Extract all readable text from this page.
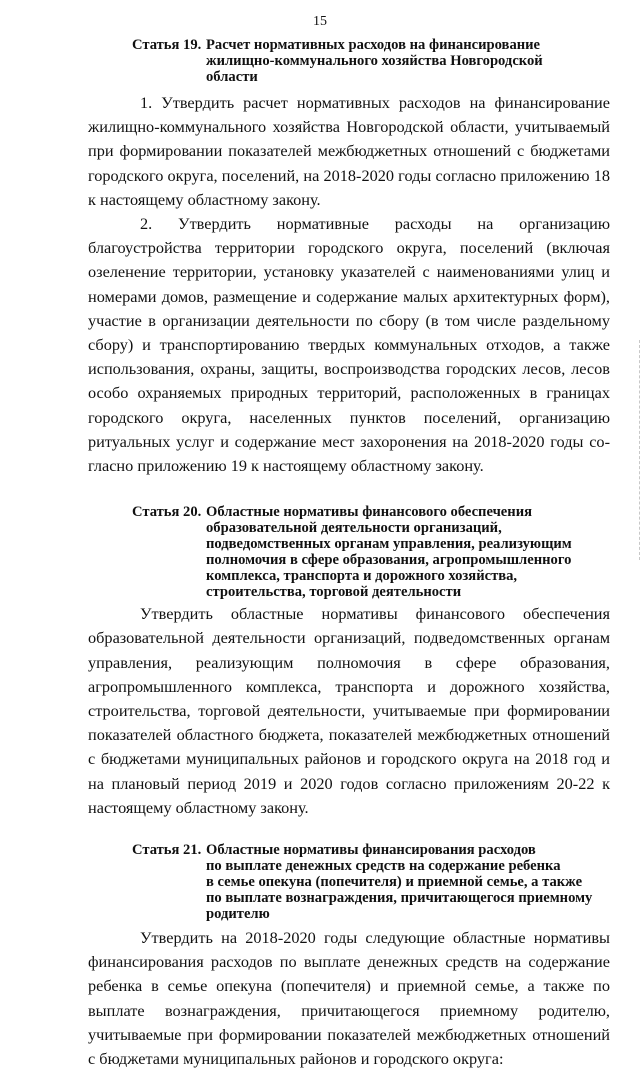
15
Статья 19. Расчет нормативных расходов на финансирование
жилищно-коммунального хозяйства Новгородской
области

1. Утвердить расчет нормативных расходов на финансирование жилищно-коммунального хозяйства Новгородской области, учитываемый при формировании показателей межбюджетных отношений с бюджетами городского округа, поселений, на 2018-2020 годы согласно приложению 18 к настоящему областному закону.

2. Утвердить нормативные расходы на организацию благоустройства территории городского округа, поселений (включая озеленение территории, установку указателей с наименованиями улиц и номерами домов, размещение и содержание малых архитектурных форм), участие в организации деятельности по сбору (в том числе раздельному сбору) и транспортированию твердых коммунальных отходов, а также использования, охраны, защиты, воспроизводства городских лесов, лесов особо охраняемых природных территорий, расположенных в границах городского округа, населенных пунктов поселений, организацию ритуальных услуг и содержание мест захоронения на 2018-2020 годы согласно приложению 19 к настоящему областному закону.

Статья 20. Областные нормативы финансового обеспечения
образовательной деятельности организаций,
подведомственных органам управления, реализующим
полномочия в сфере образования, агропромышленного
комплекса, транспорта и дорожного хозяйства,
строительства, торговой деятельности

Утвердить областные нормативы финансового обеспечения образовательной деятельности организаций, подведомственных органам управления, реализующим полномочия в сфере образования, агропромышленного комплекса, транспорта и дорожного хозяйства, строительства, торговой деятельности, учитываемые при формировании показателей областного бюджета, показателей межбюджетных отношений с бюджетами муниципальных районов и городского округа на 2018 год и на плановый период 2019 и 2020 годов согласно приложениям 20-22 к настоящему областному закону.

Статья 21. Областные нормативы финансирования расходов
по выплате денежных средств на содержание ребенка
в семье опекуна (попечителя) и приемной семье, а также
по выплате вознаграждения, причитающегося приемному
родителю

Утвердить на 2018-2020 годы следующие областные нормативы финансирования расходов по выплате денежных средств на содержание ребенка в семье опекуна (попечителя) и приемной семье, а также по выплате вознаграждения, причитающегося приемному родителю, учитываемые при формировании показателей межбюджетных отношений с бюджетами муниципальных районов и городского округа:
